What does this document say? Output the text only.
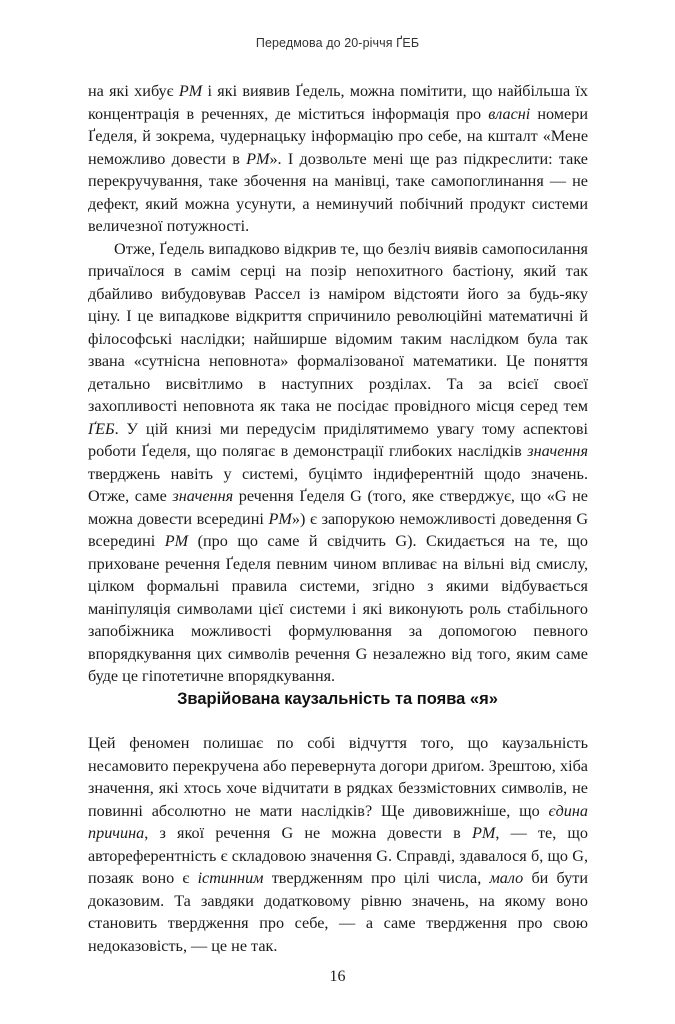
Передмова до 20-річчя ҐЕБ

на які хибує PM і які виявив Ґедель, можна помітити, що найбільша їх концентрація в реченнях, де міститься інформація про власні номери Ґеделя, й зокрема, чудернацьку інформацію про себе, на кшталт «Мене неможливо довести в PM». І дозвольте мені ще раз підкреслити: таке перекручування, таке збочення на манівці, таке самопоглинання — не дефект, який можна усунути, а неминучий побічний продукт системи величезної потужності.

Отже, Ґедель випадково відкрив те, що безліч виявів самопосилання причаїлося в самім серці на позір непохитного бастіону, який так дбайливо вибудовував Рассел із наміром відстояти його за будь-яку ціну. І це випадкове відкриття спричинило революційні математичні й філософські наслідки; найширше відомим таким наслідком була так звана «сутнісна неповнота» формалізованої математики. Це поняття детально висвітлимо в наступних розділах. Та за всієї своєї захопливості неповнота як така не посідає провідного місця серед тем ҐЕБ. У цій книзі ми передусім приділятимемо увагу тому аспектові роботи Ґеделя, що полягає в демонстрації глибоких наслідків значення тверджень навіть у системі, буцімто індиферентній щодо значень. Отже, саме значення речення Ґеделя G (того, яке стверджує, що «G не можна довести всередині PM») є запорукою неможливості доведення G всередині PM (про що саме й свідчить G). Скидається на те, що приховане речення Ґеделя певним чином впливає на вільні від смислу, цілком формальні правила системи, згідно з якими відбувається маніпуляція символами цієї системи і які виконують роль стабільного запобіжника можливості формулювання за допомогою певного впорядкування цих символів речення G незалежно від того, яким саме буде це гіпотетичне впорядкування.

Зварійована каузальність та поява «я»

Цей феномен полишає по собі відчуття того, що каузальність несамовито перекручена або перевернута догори дриґом. Зрештою, хіба значення, які хтось хоче відчитати в рядках беззмістовних символів, не повинні абсолютно не мати наслідків? Ще дивовижніше, що єдина причина, з якої речення G не можна довести в PM, — те, що автореферентність є складовою значення G. Справді, здавалося б, що G, позаяк воно є істинним твердженням про цілі числа, мало би бути доказовим. Та завдяки додатковому рівню значень, на якому воно становить твердження про себе, — а саме твердження про свою недоказовість, — це не так.

16
